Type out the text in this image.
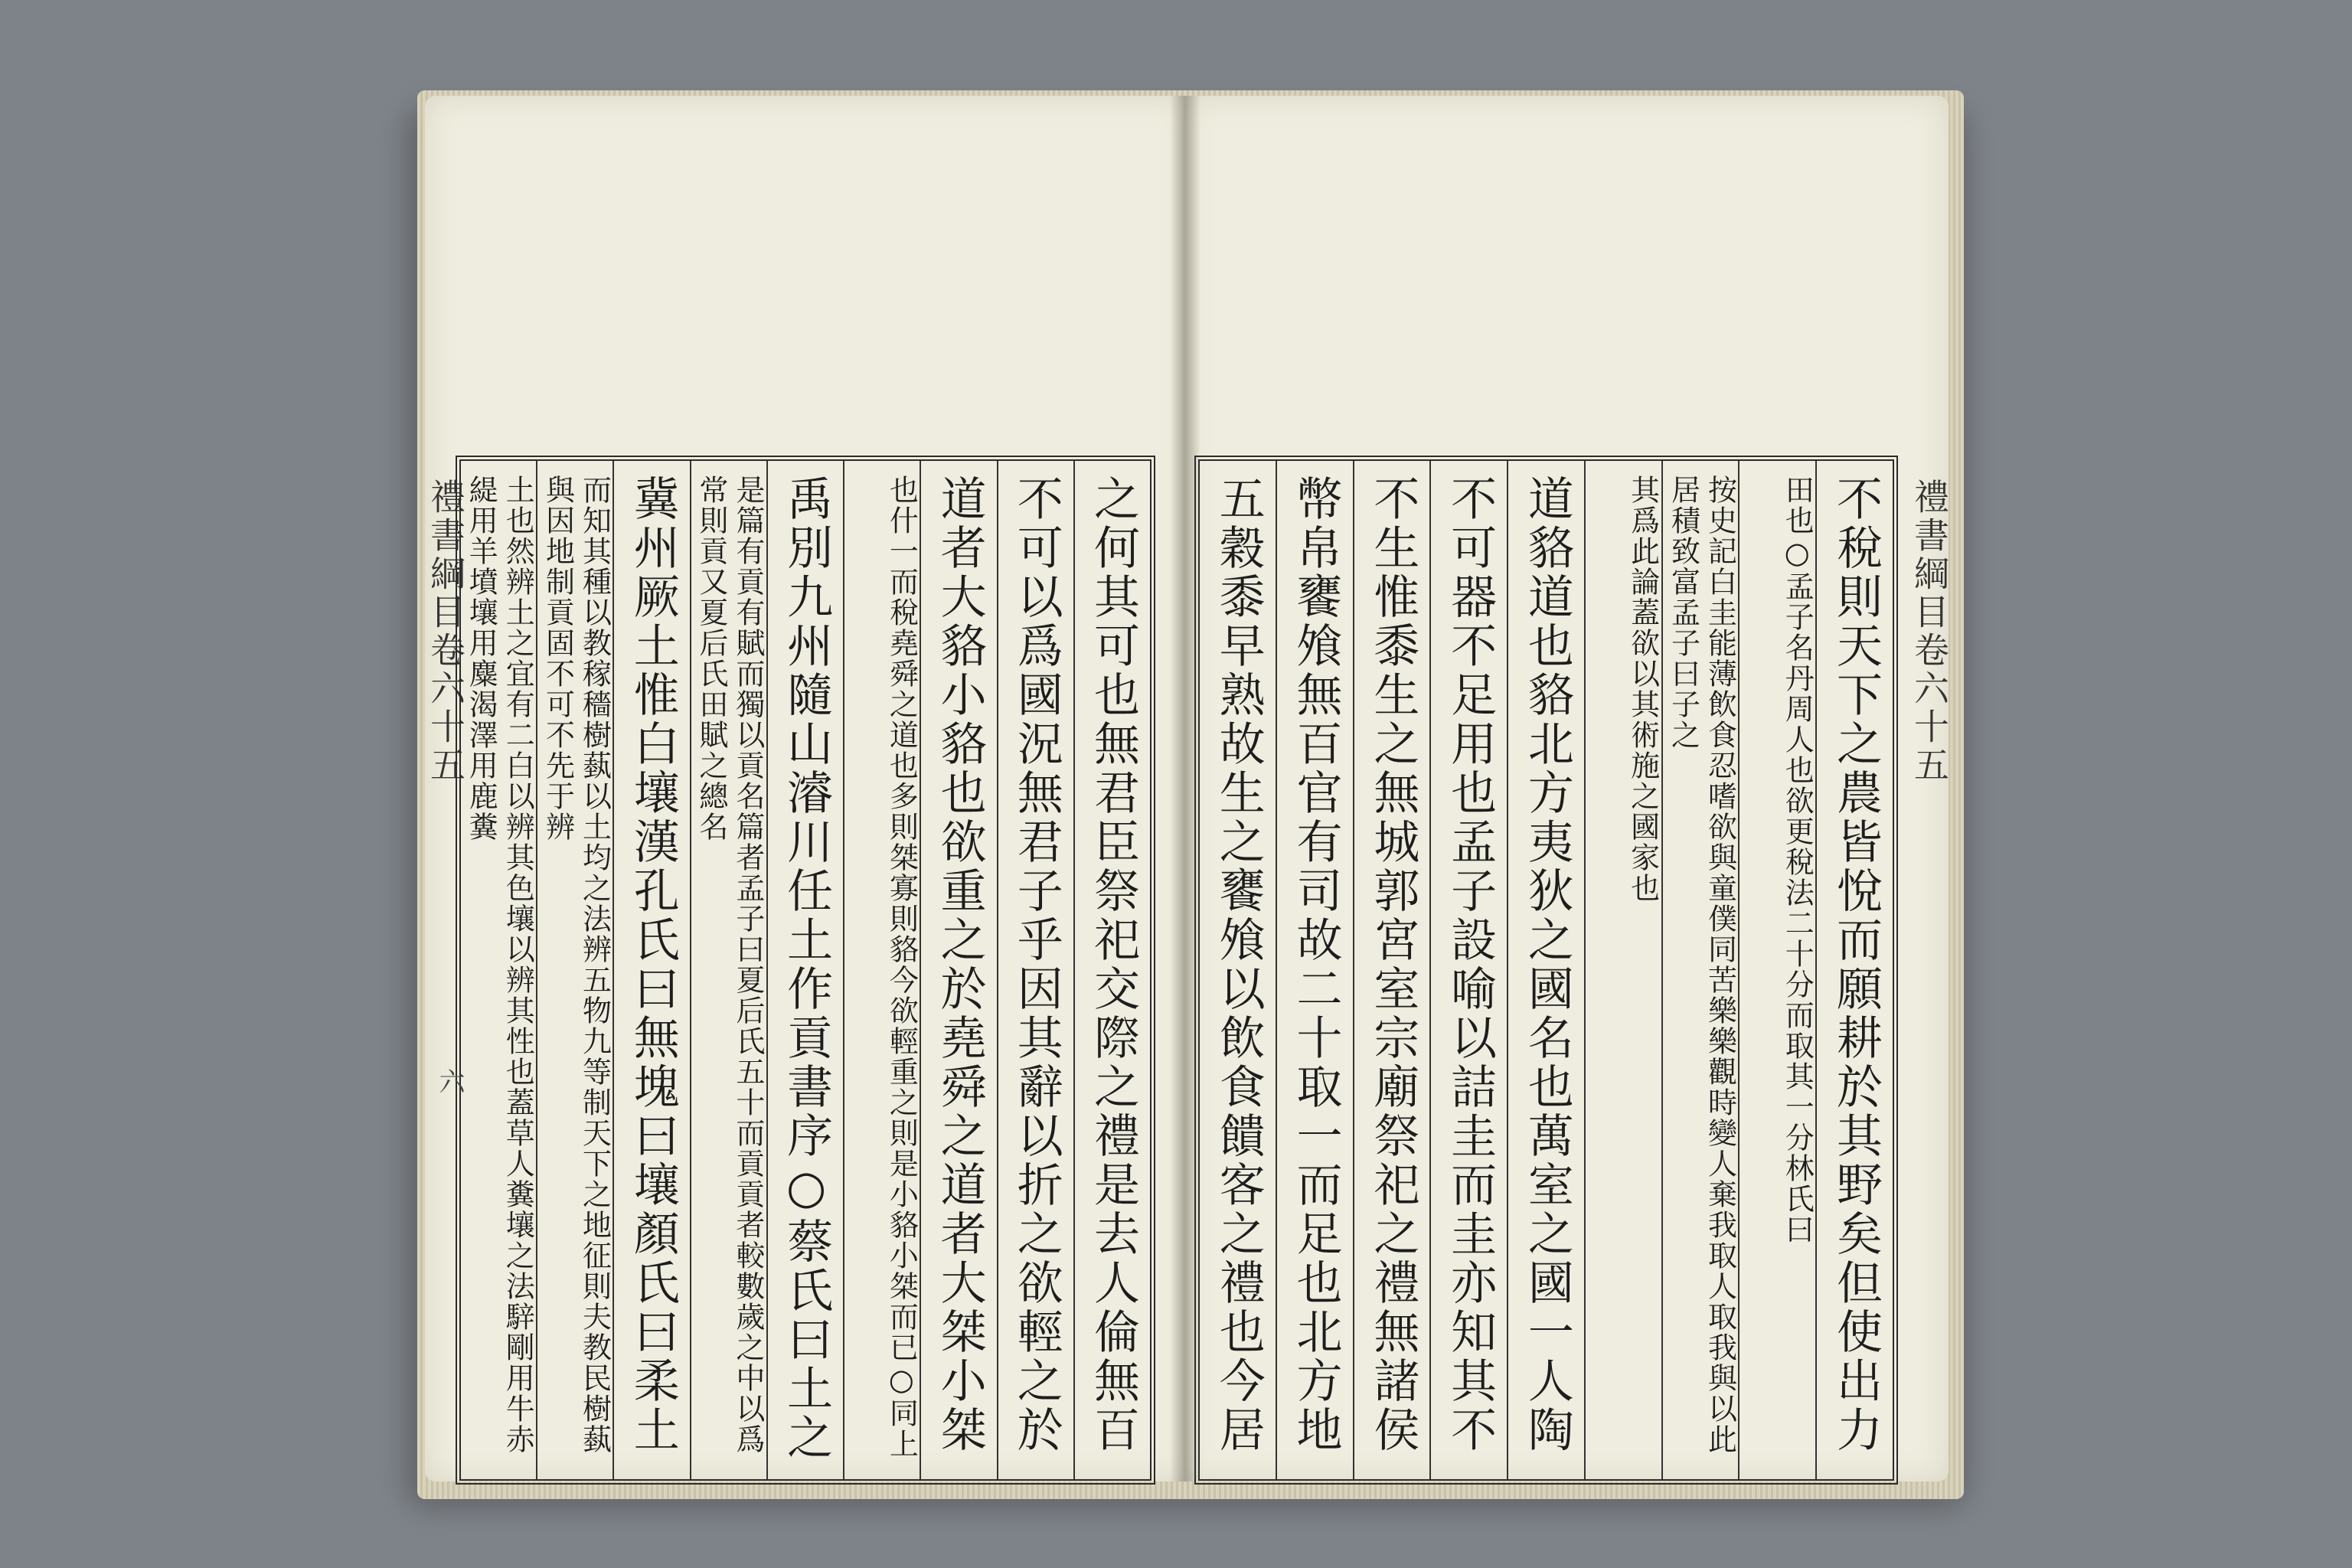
禮書綱目卷六十五	之何其可也無君臣祭祀交際之禮是去人倫無百
不可以爲國況無君子乎因其辭以折之欲輕之於
道者大貉小貉也欲重之於堯舜之道者大桀小桀
也什一而稅堯舜之道也多則桀寡則貉今欲輕重之則是小貉小桀而已○同上
禹別九州隨山濬川任土作貢書序○蔡氏曰土之
是篇有貢有賦而獨以貢名篇者孟子曰夏后氏五十而貢貢者較數歲之中以爲常則貢又夏后氏田賦之總名
冀州厥土惟白壤漢孔氏曰無塊曰壤顏氏曰柔土
而知其種以教稼穡樹蓺以土均之法辨五物九等制天下之地征則夫教民樹蓺與因地制貢固不可不先于辨
土也然辨土之宜有二白以辨其色壤以辨其性也蓋草人糞壤之法騂剛用牛赤緹用羊墳壤用麋渴澤用鹿糞
六
禮書綱目卷六十五
不稅則天下之農皆悅而願耕於其野矣但使出力
田也○孟子名丹周人也欲更稅法二十分而取其一分林氏曰
按史記白圭能薄飲食忍嗜欲與童僕同苦樂樂觀時變人棄我取人取我與以此居積致富孟子曰子之
其爲此論蓋欲以其術施之國家也
道貉道也貉北方夷狄之國名也萬室之國一人陶
不可器不足用也孟子設喻以詰圭而圭亦知其不
不生惟黍生之無城郭宮室宗廟祭祀之禮無諸侯
幣帛饔飧無百官有司故二十取一而足也北方地
五穀黍早熟故生之饔飧以飲食饋客之禮也今居
